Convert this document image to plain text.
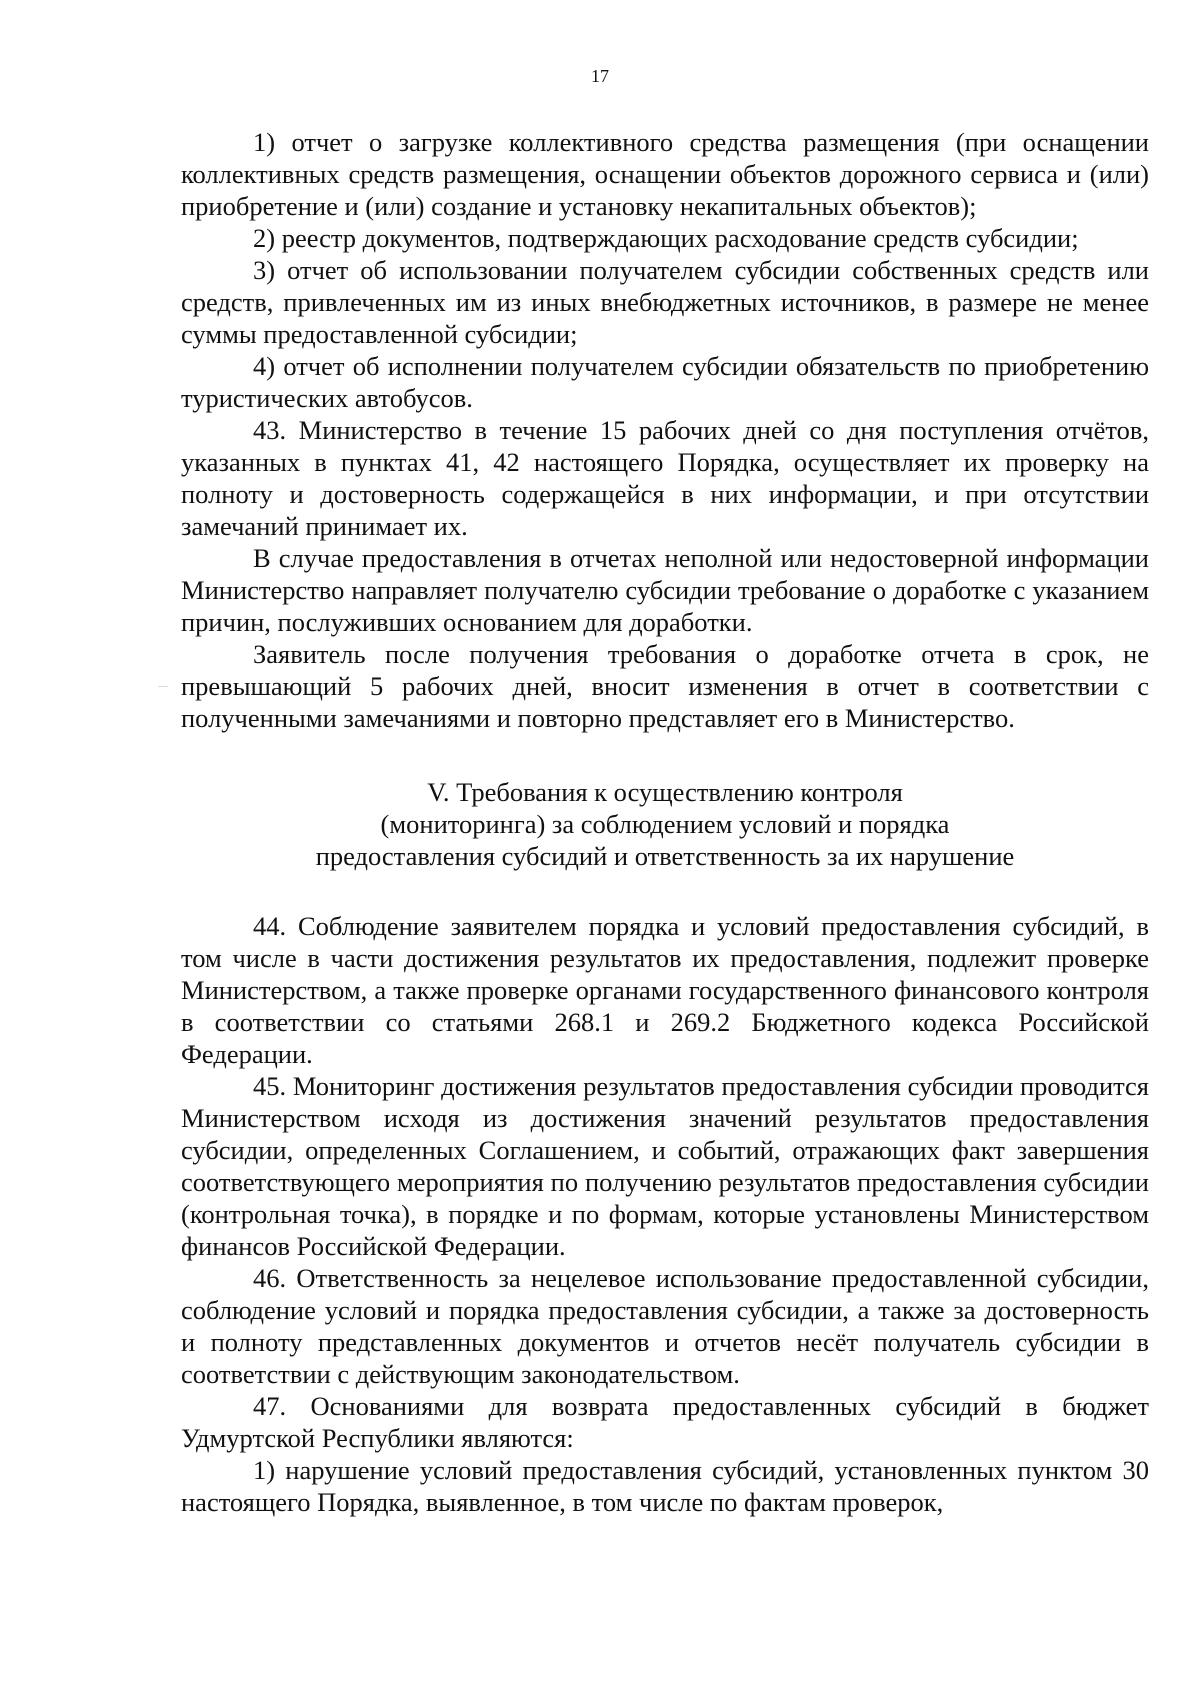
17

1) отчет о загрузке коллективного средства размещения (при оснащении коллективных средств размещения, оснащении объектов дорожного сервиса и (или) приобретение и (или) создание и установку некапитальных объектов);

2) реестр документов, подтверждающих расходование средств субсидии;

3) отчет об использовании получателем субсидии собственных средств или средств, привлеченных им из иных внебюджетных источников, в размере не менее суммы предоставленной субсидии;

4) отчет об исполнении получателем субсидии обязательств по приобретению туристических автобусов.

43. Министерство в течение 15 рабочих дней со дня поступления отчётов, указанных в пунктах 41, 42 настоящего Порядка, осуществляет их проверку на полноту и достоверность содержащейся в них информации, и при отсутствии замечаний принимает их.

В случае предоставления в отчетах неполной или недостоверной информации Министерство направляет получателю субсидии требование о доработке с указанием причин, послуживших основанием для доработки.

Заявитель после получения требования о доработке отчета в срок, не превышающий 5 рабочих дней, вносит изменения в отчет в соответствии с полученными замечаниями и повторно представляет его в Министерство.

V. Требования к осуществлению контроля
(мониторинга) за соблюдением условий и порядка
предоставления субсидий и ответственность за их нарушение

44. Соблюдение заявителем порядка и условий предоставления субсидий, в том числе в части достижения результатов их предоставления, подлежит проверке Министерством, а также проверке органами государственного финансового контроля в соответствии со статьями 268.1 и 269.2 Бюджетного кодекса Российской Федерации.

45. Мониторинг достижения результатов предоставления субсидии проводится Министерством исходя из достижения значений результатов предоставления субсидии, определенных Соглашением, и событий, отражающих факт завершения соответствующего мероприятия по получению результатов предоставления субсидии (контрольная точка), в порядке и по формам, которые установлены Министерством финансов Российской Федерации.

46. Ответственность за нецелевое использование предоставленной субсидии, соблюдение условий и порядка предоставления субсидии, а также за достоверность и полноту представленных документов и отчетов несёт получатель субсидии в соответствии с действующим законодательством.

47. Основаниями для возврата предоставленных субсидий в бюджет Удмуртской Республики являются:

1) нарушение условий предоставления субсидий, установленных пунктом 30 настоящего Порядка, выявленное, в том числе по фактам проверок,
